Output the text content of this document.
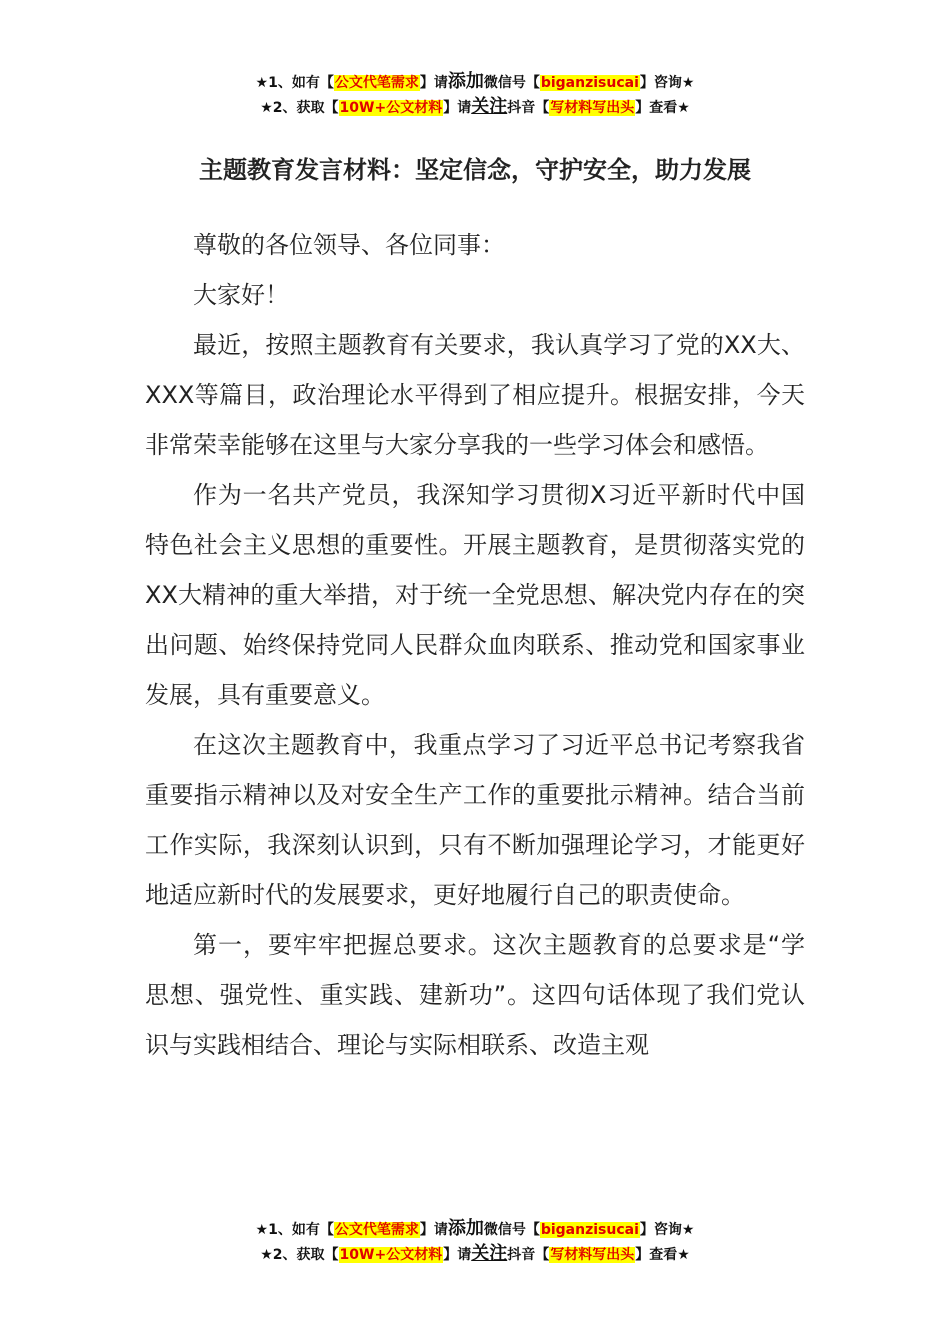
★1、如有【公文代笔需求】请添加微信号【biganzisucai】咨询★
★2、获取【10W+公文材料】请关注抖音【写材料写出头】查看★
主题教育发言材料：坚定信念，守护安全，助力发展

尊敬的各位领导、各位同事：

大家好！

最近，按照主题教育有关要求，我认真学习了党的XX大、XXX等篇目，政治理论水平得到了相应提升。根据安排，今天非常荣幸能够在这里与大家分享我的一些学习体会和感悟。

作为一名共产党员，我深知学习贯彻X习近平新时代中国特色社会主义思想的重要性。开展主题教育，是贯彻落实党的XX大精神的重大举措，对于统一全党思想、解决党内存在的突出问题、始终保持党同人民群众血肉联系、推动党和国家事业发展，具有重要意义。

在这次主题教育中，我重点学习了习近平总书记考察我省重要指示精神以及对安全生产工作的重要批示精神。结合当前工作实际，我深刻认识到，只有不断加强理论学习，才能更好地适应新时代的发展要求，更好地履行自己的职责使命。

第一，要牢牢把握总要求。这次主题教育的总要求是“学思想、强党性、重实践、建新功”。这四句话体现了我们党认识与实践相结合、理论与实际相联系、改造主观

★1、如有【公文代笔需求】请添加微信号【biganzisucai】咨询★
★2、获取【10W+公文材料】请关注抖音【写材料写出头】查看★
